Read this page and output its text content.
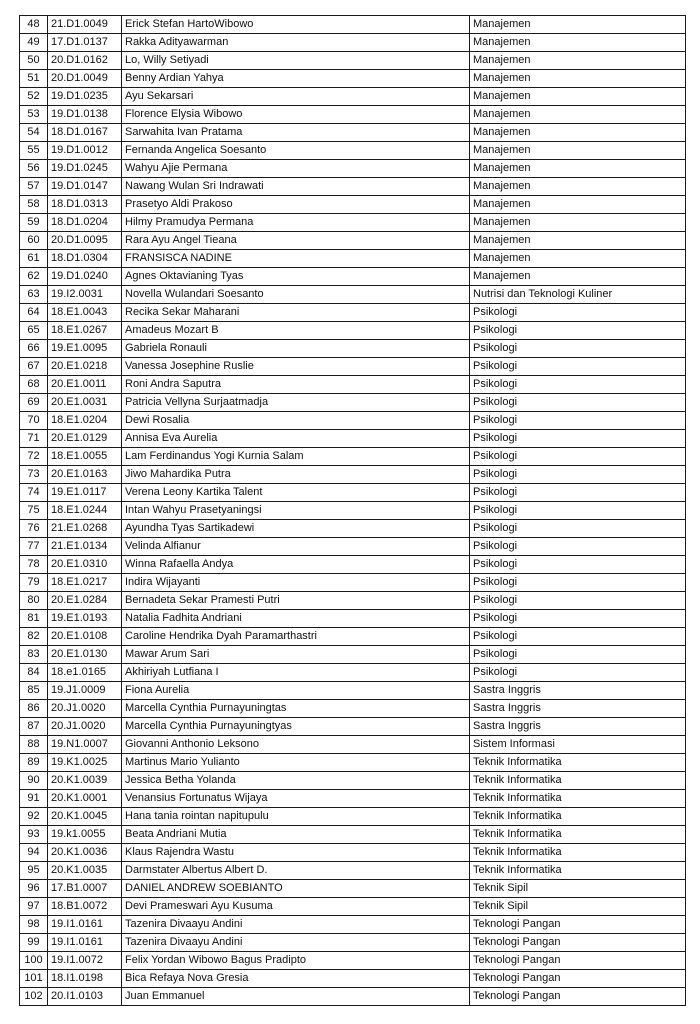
48	21.D1.0049	Erick Stefan HartoWibowo	Manajemen
49	17.D1.0137	Rakka Adityawarman	Manajemen
50	20.D1.0162	Lo, Willy Setiyadi	Manajemen
51	20.D1.0049	Benny Ardian Yahya	Manajemen
52	19.D1.0235	Ayu Sekarsari	Manajemen
53	19.D1.0138	Florence Elysia Wibowo	Manajemen
54	18.D1.0167	Sarwahita Ivan Pratama	Manajemen
55	19.D1.0012	Fernanda Angelica Soesanto	Manajemen
56	19.D1.0245	Wahyu Ajie Permana	Manajemen
57	19.D1.0147	Nawang Wulan Sri Indrawati	Manajemen
58	18.D1.0313	Prasetyo Aldi Prakoso	Manajemen
59	18.D1.0204	Hilmy Pramudya Permana	Manajemen
60	20.D1.0095	Rara Ayu Angel Tieana	Manajemen
61	18.D1.0304	FRANSISCA NADINE	Manajemen
62	19.D1.0240	Agnes Oktavianing Tyas	Manajemen
63	19.I2.0031	Novella Wulandari Soesanto	Nutrisi dan Teknologi Kuliner
64	18.E1.0043	Recika Sekar Maharani	Psikologi
65	18.E1.0267	Amadeus Mozart B	Psikologi
66	19.E1.0095	Gabriela Ronauli	Psikologi
67	20.E1.0218	Vanessa Josephine Ruslie	Psikologi
68	20.E1.0011	Roni Andra Saputra	Psikologi
69	20.E1.0031	Patricia Vellyna Surjaatmadja	Psikologi
70	18.E1.0204	Dewi Rosalia	Psikologi
71	20.E1.0129	Annisa Eva Aurelia	Psikologi
72	18.E1.0055	Lam Ferdinandus Yogi Kurnia Salam	Psikologi
73	20.E1.0163	Jiwo Mahardika Putra	Psikologi
74	19.E1.0117	Verena Leony Kartika Talent	Psikologi
75	18.E1.0244	Intan Wahyu Prasetyaningsi	Psikologi
76	21.E1.0268	Ayundha Tyas Sartikadewi	Psikologi
77	21.E1.0134	Velinda Alfianur	Psikologi
78	20.E1.0310	Winna Rafaella Andya	Psikologi
79	18.E1.0217	Indira Wijayanti	Psikologi
80	20.E1.0284	Bernadeta Sekar Pramesti Putri	Psikologi
81	19.E1.0193	Natalia Fadhita Andriani	Psikologi
82	20.E1.0108	Caroline Hendrika Dyah Paramarthastri	Psikologi
83	20.E1.0130	Mawar Arum Sari	Psikologi
84	18.e1.0165	Akhiriyah Lutfiana I	Psikologi
85	19.J1.0009	Fiona Aurelia	Sastra Inggris
86	20.J1.0020	Marcella Cynthia Purnayuningtas	Sastra Inggris
87	20.J1.0020	Marcella Cynthia Purnayuningtyas	Sastra Inggris
88	19.N1.0007	Giovanni Anthonio Leksono	Sistem Informasi
89	19.K1.0025	Martinus Mario Yulianto	Teknik Informatika
90	20.K1.0039	Jessica Betha Yolanda	Teknik Informatika
91	20.K1.0001	Venansius Fortunatus Wijaya	Teknik Informatika
92	20.K1.0045	Hana tania rointan napitupulu	Teknik Informatika
93	19.k1.0055	Beata Andriani Mutia	Teknik Informatika
94	20.K1.0036	Klaus Rajendra Wastu	Teknik Informatika
95	20.K1.0035	Darmstater Albertus Albert D.	Teknik Informatika
96	17.B1.0007	DANIEL ANDREW SOEBIANTO	Teknik Sipil
97	18.B1.0072	Devi Prameswari Ayu Kusuma	Teknik Sipil
98	19.I1.0161	Tazenira Divaayu Andini	Teknologi Pangan
99	19.I1.0161	Tazenira Divaayu Andini	Teknologi Pangan
100	19.I1.0072	Felix Yordan Wibowo Bagus Pradipto	Teknologi Pangan
101	18.I1.0198	Bica Refaya Nova Gresia	Teknologi Pangan
102	20.I1.0103	Juan Emmanuel	Teknologi Pangan
